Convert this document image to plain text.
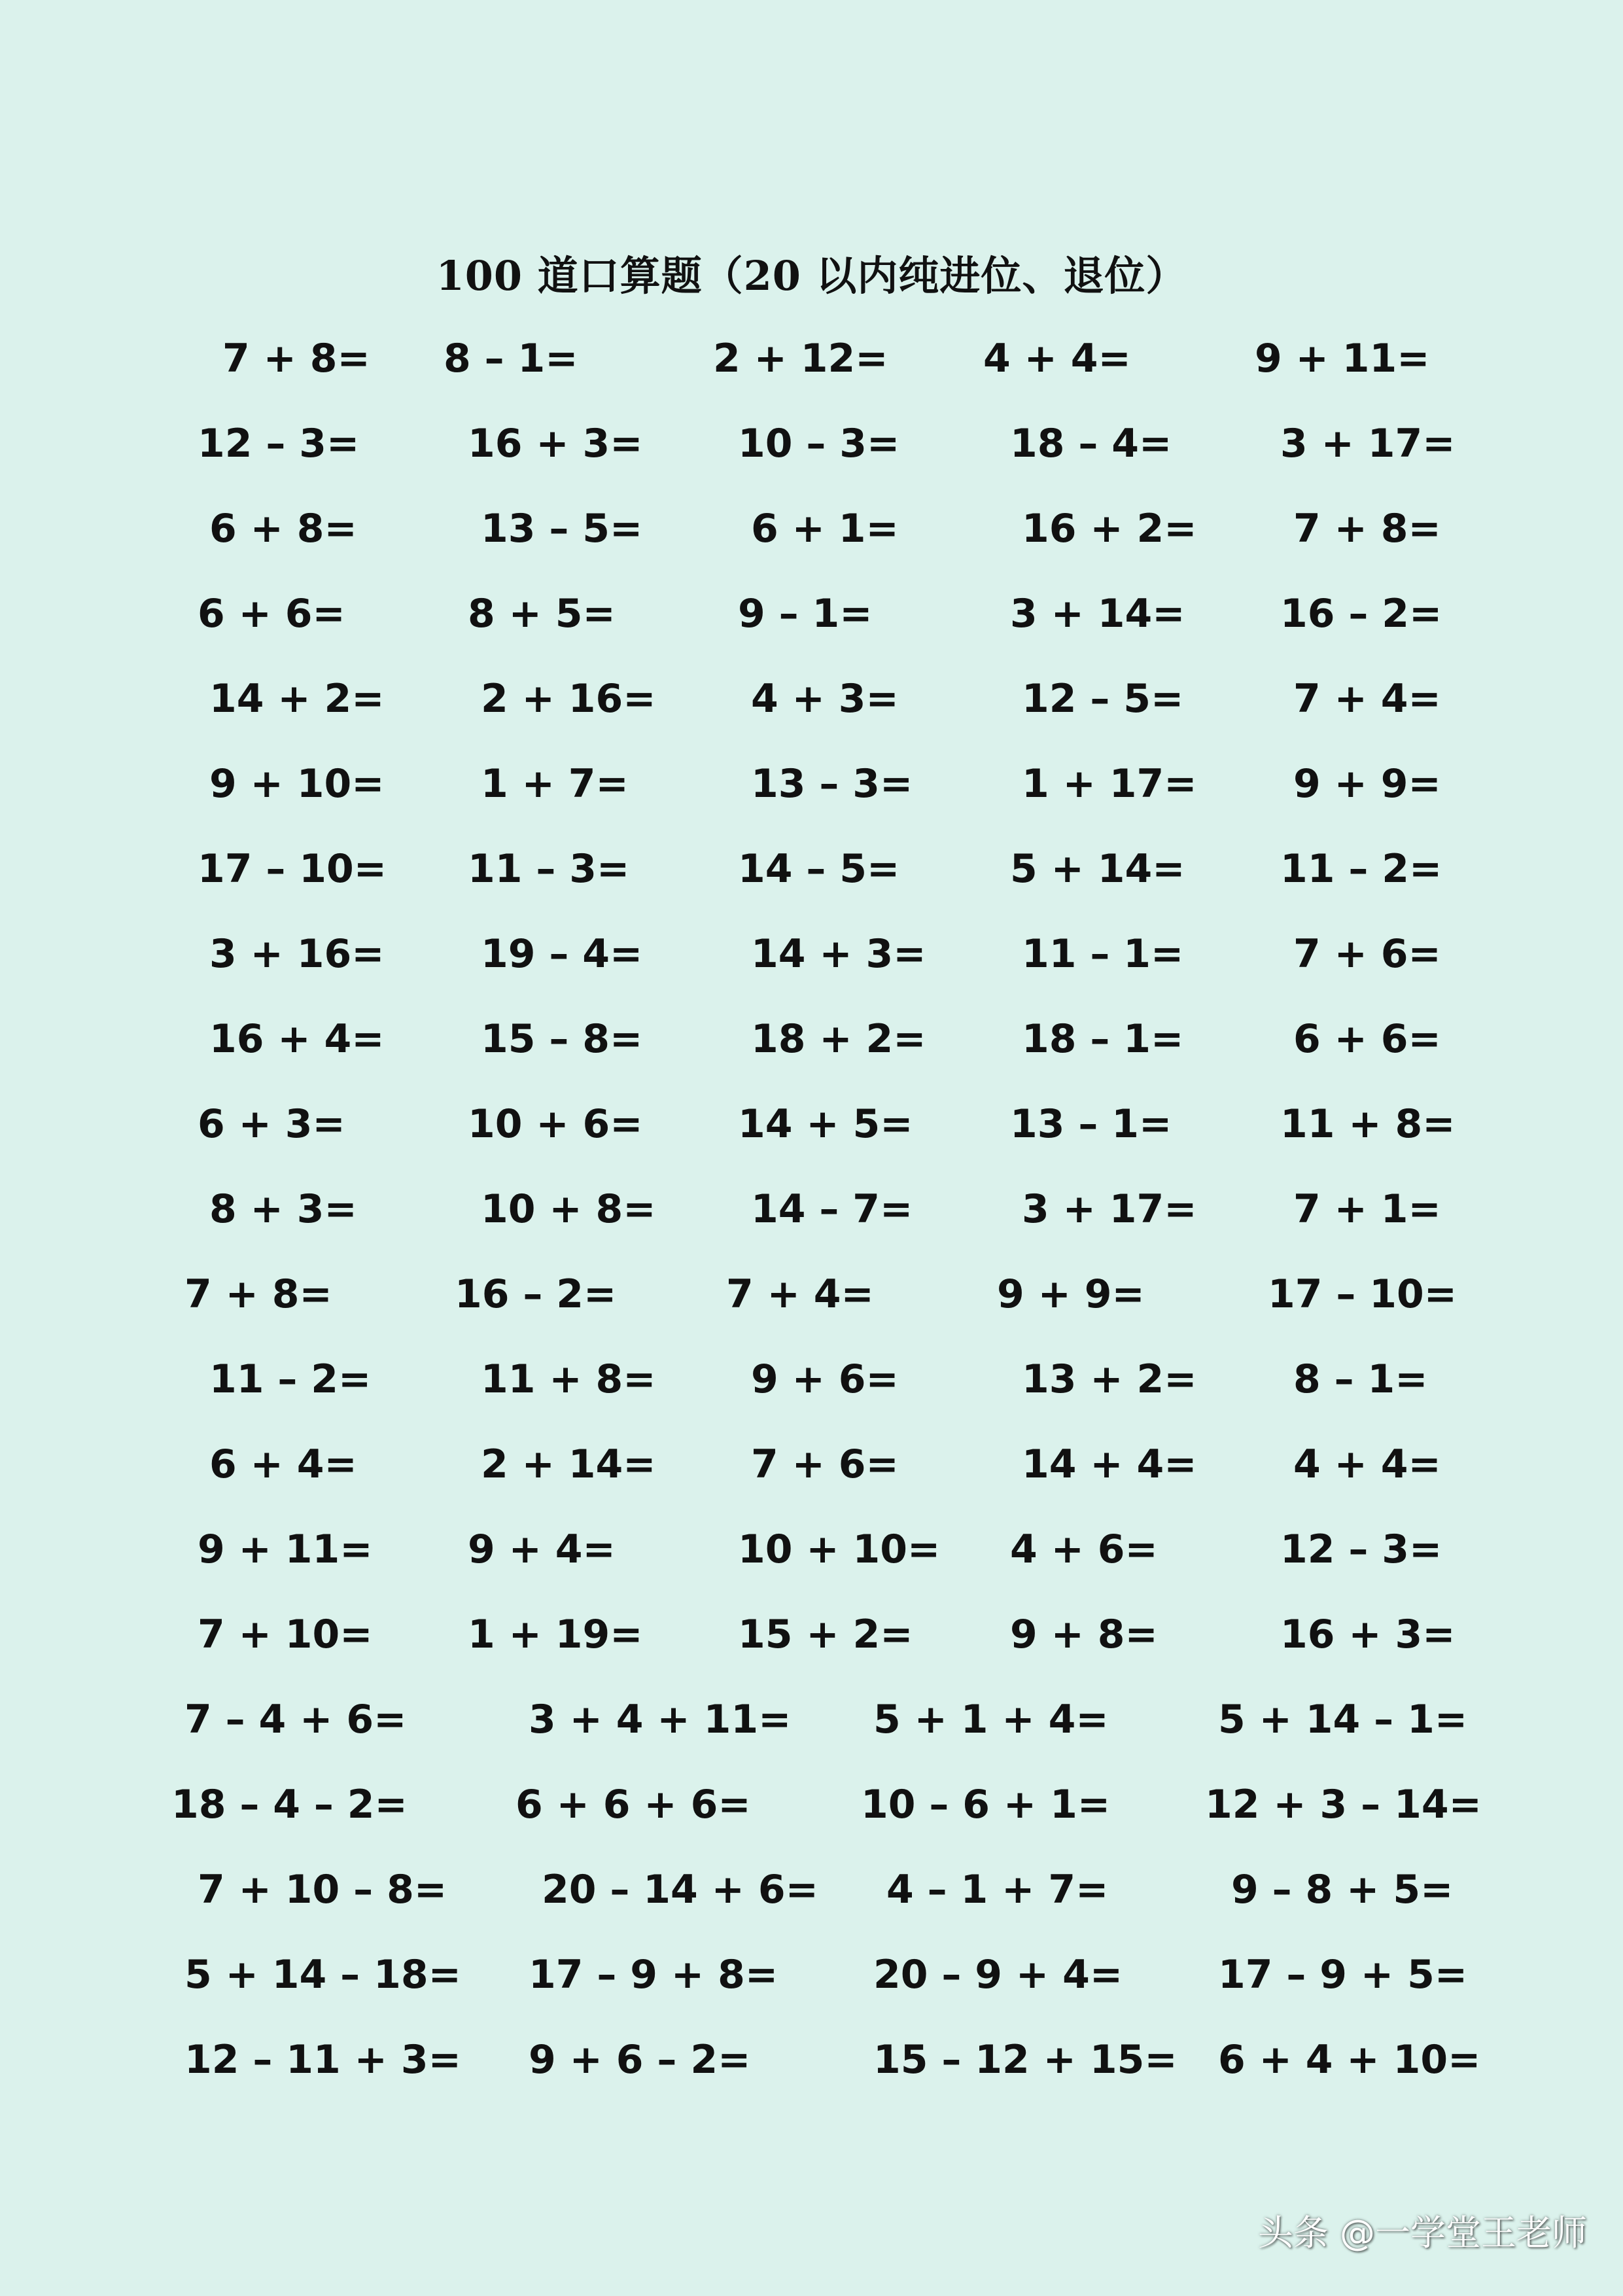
100 道口算题（20 以内纯进位、退位）
7 + 8= 8 – 1=	2 + 12= 4 + 4=	9 + 11=
12 – 3=	16 + 3= 10 – 3=	18 – 4=	3 + 17=
6 + 8=	13 – 5=	6 + 1=	16 + 2= 7 + 8=
6 + 6=	8 + 5=	9 – 1=	3 + 14= 16 – 2=
14 + 2= 2 + 16= 4 + 3=	12 – 5=	7 + 4=
9 + 10= 1 + 7=	13 – 3=	1 + 17= 9 + 9=
17 – 10= 11 – 3=	14 – 5=	5 + 14= 11 – 2=
3 + 16= 19 – 4=	14 + 3= 11 – 1=	7 + 6=
16 + 4= 15 – 8=	18 + 2= 18 – 1=	6 + 6=
6 + 3=	10 + 6= 14 + 5= 13 – 1=	11 + 8=
8 + 3=	10 + 8= 14 – 7=	3 + 17= 7 + 1=
7 + 8=	16 – 2=	7 + 4=	9 + 9=	17 – 10=
11 – 2=	11 + 8= 9 + 6=	13 + 2= 8 – 1=
6 + 4=	2 + 14= 7 + 6=	14 + 4= 4 + 4=
9 + 11= 9 + 4=	10 + 10= 4 + 6=	12 – 3=
7 + 10= 1 + 19= 15 + 2= 9 + 8=	16 + 3=
7 – 4 + 6=	3 + 4 + 11= 5 + 1 + 4=	5 + 14 – 1=
18 – 4 – 2=	6 + 6 + 6=	10 – 6 + 1= 12 + 3 – 14=
7 + 10 – 8= 20 – 14 + 6= 4 – 1 + 7=	9 – 8 + 5=
5 + 14 – 18= 17 – 9 + 8= 20 – 9 + 4= 17 – 9 + 5=
12 – 11 + 3= 9 + 6 – 2=	15 – 12 + 15= 6 + 4 + 10=
头条 @一学堂王老师
